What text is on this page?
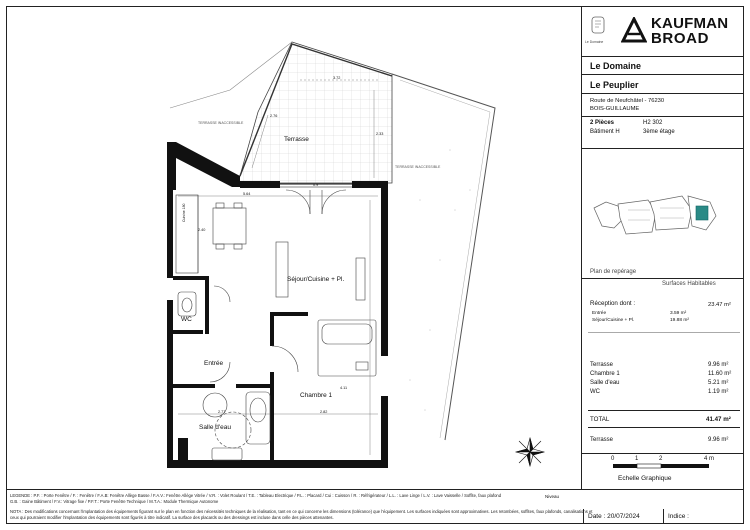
Terrasse
Séjour/Cuisine + Pl.
WC
Entrée
Chambre 1
Salle d'eau
TERRASSE INACCESSIBLE
TERRASSE INACCESSIBLE
Cuisine 180
3.72
2.76
2.33
5.64
2.77	2.82
4.11
2.40
0.9
Le Domaine
Le Domaine
Le Peuplier
Route de Neufchâtel - 76230
BOIS-GUILLAUME
2 Pièces	H2 302
Bâtiment H	3ème étage
Plan de repérage
Surfaces Habitables
Réception dont :	23.47 m²
Entrée	3.59 m²
Séjour/Cuisine + Pl.	19.88 m²
Terrasse	9.96 m²
Chambre 1	11.60 m²
Salle d'eau	5.21 m²
WC	1.19 m²
TOTAL	41.47 m²
Terrasse	9.96 m²
0	1	2	4 m
Echelle Graphique
KAUFMAN
BROAD
LEGENDE : P.F. : Porte Fenêtre / F. : Fenêtre / F.A.B: Fenêtre Allège Basse / F.A.V.: Fenêtre Allège Vitrée / V.R. : Volet Roulant / T.E. : Tableau Electrique / P.L. : Placard / Cui : Cuisson / R. : Réfrigérateur / L.L. : Lave Linge / L.V. : Lave Vaisselle / Soffite, faux plafond
G.B. : Gaine Bâtiment / F.V.: Vitrage fixe / P.F.T.: Porte Fenêtre Technique / M.T.A.: Module Thermique Autonome
NOTA : Des modifications concernant l'implantation des équipements figurant sur le plan en fonction des nécessités techniques de la réalisation, tant en ce qui concerne les dimensions (tolérance) que l'équipement. Les surfaces indiquées sont approximatives. Les retombées, soffites, faux plafonds, canalisations et
ceux qui pourraient modifier l'implantation des équipements sont figurés à titre indicatif. La surface des placards ou des dressings est incluse dans celle des pièces attenantes.
Niveau
Date : 20/07/2024	Indice :
